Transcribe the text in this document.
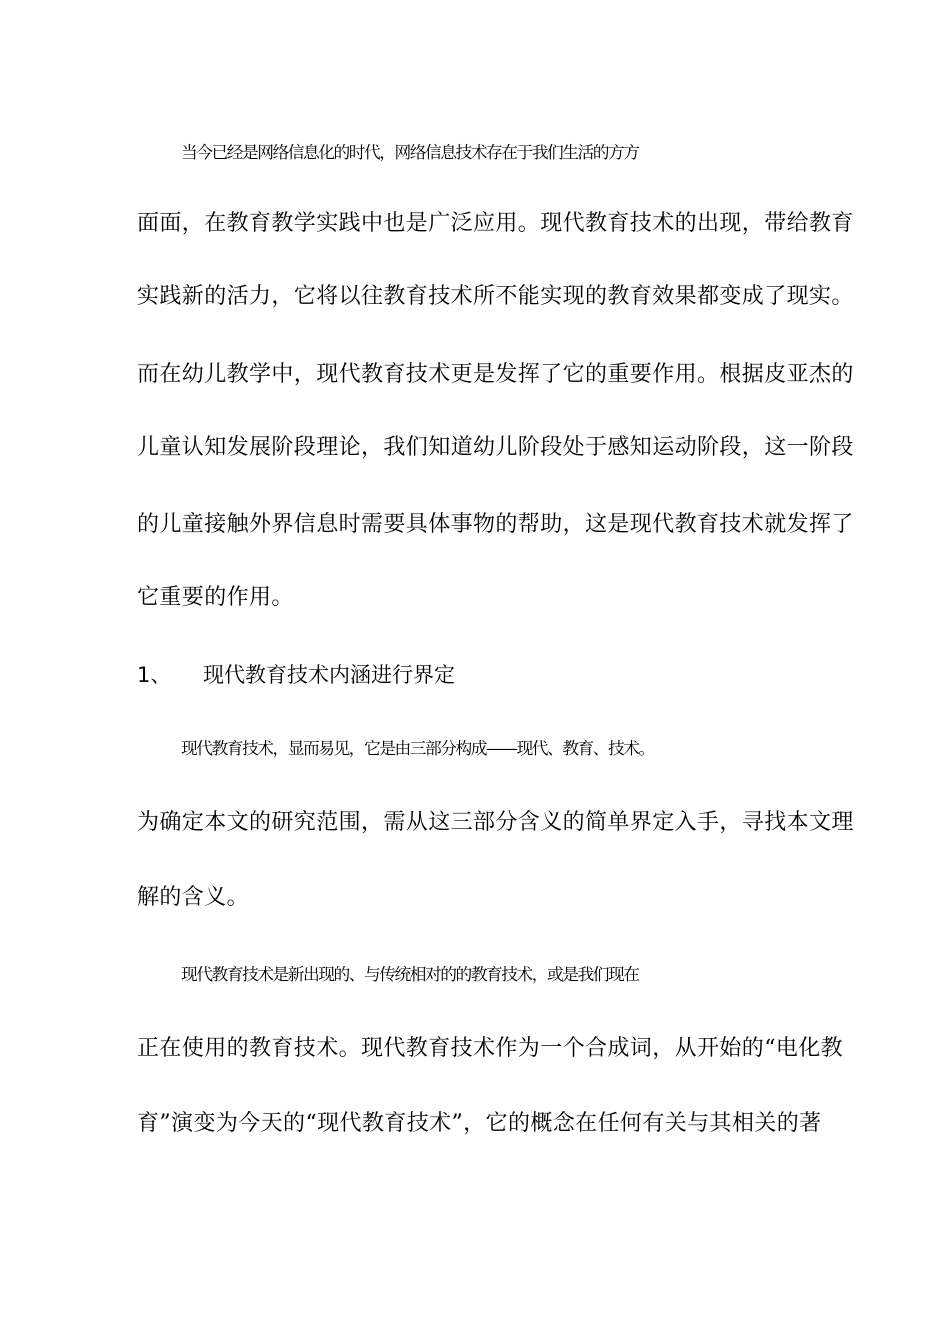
当今已经是网络信息化的时代，网络信息技术存在于我们生活的方方
面面，在教育教学实践中也是广泛应用。现代教育技术的出现，带给教育
实践新的活力，它将以往教育技术所不能实现的教育效果都变成了现实。
而在幼儿教学中，现代教育技术更是发挥了它的重要作用。根据皮亚杰的
儿童认知发展阶段理论，我们知道幼儿阶段处于感知运动阶段，这一阶段
的儿童接触外界信息时需要具体事物的帮助，这是现代教育技术就发挥了
它重要的作用。
1、 现代教育技术内涵进行界定
现代教育技术，显而易见，它是由三部分构成——现代、教育、技术。
为确定本文的研究范围，需从这三部分含义的简单界定入手，寻找本文理
解的含义。
现代教育技术是新出现的、与传统相对的的教育技术，或是我们现在
正在使用的教育技术。现代教育技术作为一个合成词，从开始的“电化教
育”演变为今天的“现代教育技术”，它的概念在任何有关与其相关的著
